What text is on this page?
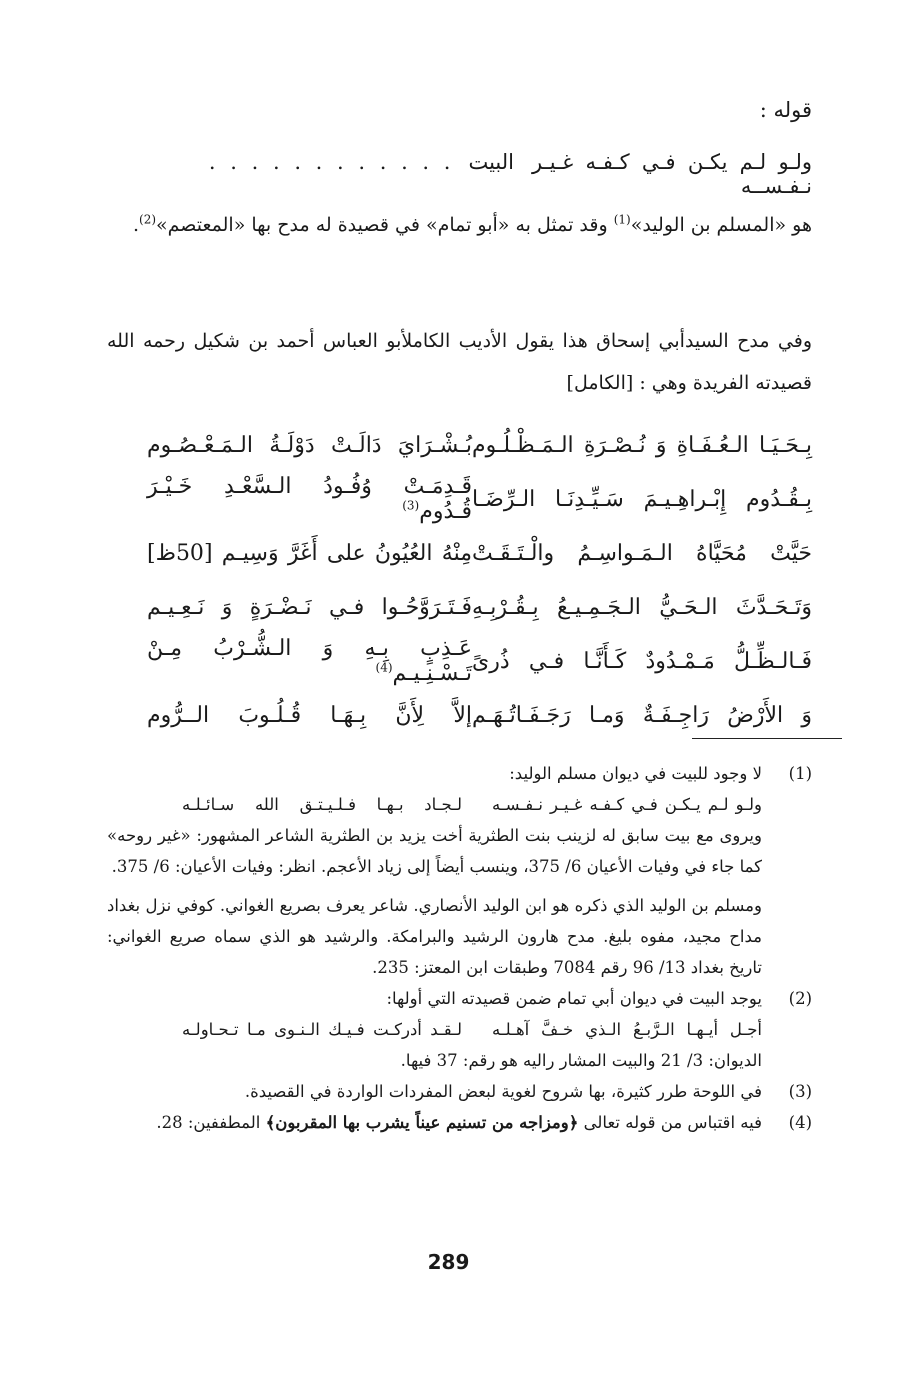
قوله :
ولـو لـم يكـن فـي كـفـه غـيـر نـفـســه
البيت
. . . . . . . . . . . .
هو «المسلم بن الوليد»$^{(1)}$ وقد تمثل به «أبو تمام» في قصيدة له مدح بها «المعتصم»$^{(2)}$.
وفي مدح السيدأبي إسحاق هذا يقول الأديب الكاملأبو العباس أحمد بن شكيل رحمه الله قصيدته الفريدة وهي : [الكامل]
بِـحَـيَـا الـعُـفَـاةِ وَ نُـصْـرَةِ الـمَـظْـلُـوم
بُـشْـرَايَ دَالَـتْ دَوْلَـةُ الـمَـعْـصُـوم
بِـقُـدُوم إِبْـراهِـيـمَ سَـيِّـدِنَـا الـرِّضَـا
قَـدِمَـتْ وُفُـودُ الـسَّعْـدِ خَـيْـرَ قُـدُوم$^{(3)}$
حَيَّتْ مُحَيَّاهُ الـمَـواسِـمُ والْـتَـقَـتْ
مِنْهُ العُيُونُ على أَغَرَّ وَسِيـم [50ظ]
وَتَـحَـدَّثَ الـحَـيُّ الـجَـمِـيـعُ بِـقُـرْبِـهِ
فَـتَـرَوَّحُـوا فـي نَـضْـرَةٍ وَ نَـعِـيـم
فَـالـظِّـلُّ مَـمْـدُودٌ كَـأَنَّـا فـي ذُرىً
عَـذِبٍ بِـهِ وَ الـشُّـرْبُ مِـنْ تَـسْـنِـيـم$^{(4)}$
وَ الأَرْضُ رَاجِـفَـةٌ وَمـا رَجَـفَـاتُـهَـم
إلاَّ لِأَنَّ بِـهَـا قُـلُـوبَ الــرُّوم
(1)

لا وجود للبيت في ديوان مسلم الوليد:

ولـو لـم يـكـن فـي كـفـه غـيـر نـفـسـه
لـجـاد بـهـا فـلـيـتـق الله سـائـلـه

ويروى مع بيت سابق له لزينب بنت الطثرية أخت يزيد بن الطثرية الشاعر المشهور: «غير روحه» كما جاء في وفيات الأعيان 6/ 375، وينسب أيضاً إلى زياد الأعجم. انظر: وفيات الأعيان: 6/ 375.

ومسلم بن الوليد الذي ذكره هو ابن الوليد الأنصاري. شاعر يعرف بصريع الغواني. كوفي نزل بغداد مداح مجيد، مفوه بليغ. مدح هارون الرشيد والبرامكة. والرشيد هو الذي سماه صريع الغواني: تاريخ بغداد 13/ 96 رقم 7084 وطبقات ابن المعتز: 235.

(2)

يوجد البيت في ديوان أبي تمام ضمن قصيدته التي أولها:

أجـل أيـهـا الـرَّبـعُ الـذي خـفَّ آهـلـه
لـقـد أدركـت فـيـك الـنـوى مـا تـحـاولـه

الديوان: 3/ 21 والبيت المشار راليه هو رقم: 37 فيها.

(3)

في اللوحة طرر كثيرة، بها شروح لغوية لبعض المفردات الواردة في القصيدة.

(4)

فيه اقتباس من قوله تعالى ﴿ومزاجه من تسنيم عيناً يشرب بها المقربون﴾ المطففين: 28.

289
